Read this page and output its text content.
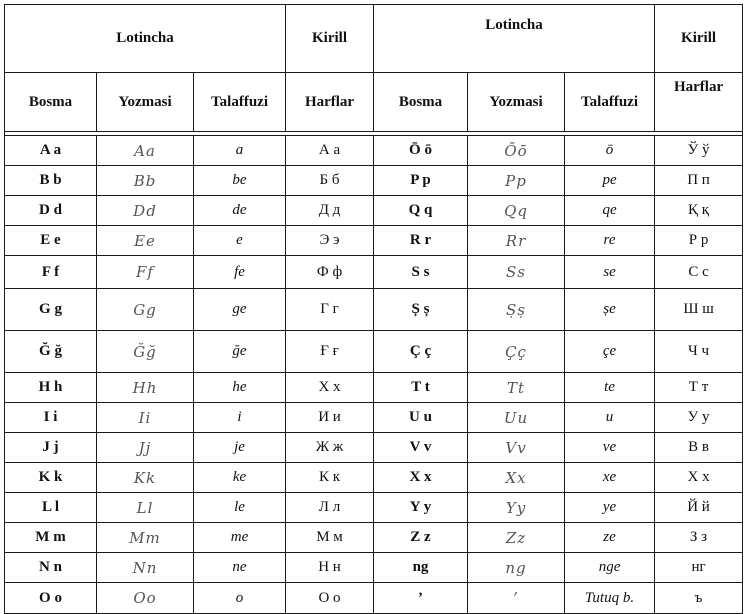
Lotincha			Kirill	Lotincha			Kirill
Bosma	Yozmasi	Talaffuzi	Harflar	Bosma	Yozmasi	Talaffuzi	Harflar

A a	Aa	a	А а	Ō ō	Ōō	ō	Ў ў
B b	Bb	be	Б б	P p	Pp	pe	П п
D d	Dd	de	Д д	Q q	Qq	qe	Қ қ
E e	Ee	e	Э э	R r	Rr	re	Р р
F f	Ff	fe	Ф ф	S s	Ss	se	С с
G g	Gg	ge	Г г	Ș ș	Șș	șe	Ш ш
Ğ ğ	Ğğ	ğe	Ғ ғ	Ç ç	Çç	çe	Ч ч
H h	Hh	he	Х х	T t	Tt	te	Т т
I i	Ii	i	И и	U u	Uu	u	У у
J j	Jj	je	Ж ж	V v	Vv	ve	В в
K k	Kk	ke	К к	X x	Xx	xe	Х х
L l	Ll	le	Л л	Y y	Yy	ye	Й й
M m	Mm	me	М м	Z z	Zz	ze	З з
N n	Nn	ne	Н н	ng	ng	nge	нг
O o	Oo	o	О о	’	’	Tutuq b.	ъ
